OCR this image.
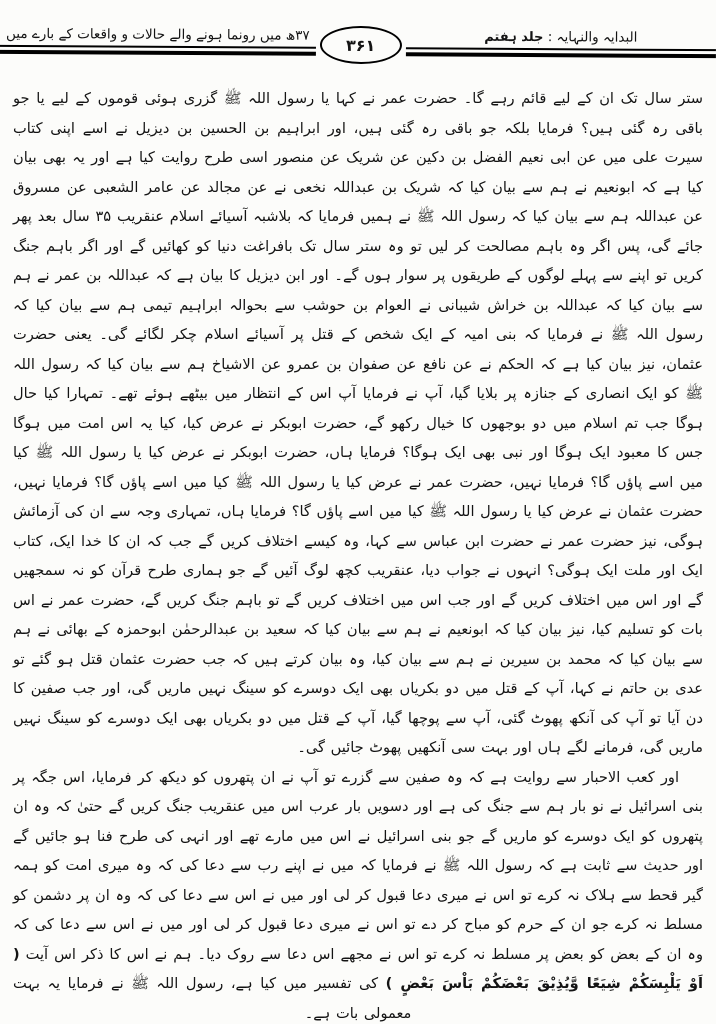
البدایہ والنہایہ : جلد ہفتم
۳۶۱
۳۷ھ میں رونما ہونے والے حالات و واقعات کے بارے میں

ستر سال تک ان کے لیے قائم رہے گا۔ حضرت عمر نے کہا یا رسول اللہ ﷺ گزری ہوئی قوموں کے لیے یا جو باقی رہ گئی ہیں؟ فرمایا بلکہ جو باقی رہ گئی ہیں، اور ابراہیم بن الحسین بن دیزیل نے اسے اپنی کتاب سیرت علی میں عن ابی نعیم الفضل بن دکین عن شریک عن منصور اسی طرح روایت کیا ہے اور یہ بھی بیان کیا ہے کہ ابونعیم نے ہم سے بیان کیا کہ شریک بن عبداللہ نخعی نے عن مجالد عن عامر الشعبی عن مسروق عن عبداللہ ہم سے بیان کیا کہ رسول اللہ ﷺ نے ہمیں فرمایا کہ بلاشبہ آسیائے اسلام عنقریب ۳۵ سال بعد پھر جائے گی، پس اگر وہ باہم مصالحت کر لیں تو وہ ستر سال تک بافراغت دنیا کو کھائیں گے اور اگر باہم جنگ کریں تو اپنے سے پہلے لوگوں کے طریقوں پر سوار ہوں گے۔ اور ابن دیزیل کا بیان ہے کہ عبداللہ بن عمر نے ہم سے بیان کیا کہ عبداللہ بن خراش شیبانی نے العوام بن حوشب سے بحوالہ ابراہیم تیمی ہم سے بیان کیا کہ رسول اللہ ﷺ نے فرمایا کہ بنی امیہ کے ایک شخص کے قتل پر آسیائے اسلام چکر لگائے گی۔ یعنی حضرت عثمان، نیز بیان کیا ہے کہ الحکم نے عن نافع عن صفوان بن عمرو عن الاشیاخ ہم سے بیان کیا کہ رسول اللہ ﷺ کو ایک انصاری کے جنازہ پر بلایا گیا، آپ نے فرمایا آپ اس کے انتظار میں بیٹھے ہوئے تھے۔ تمہارا کیا حال ہوگا جب تم اسلام میں دو بوجھوں کا خیال رکھو گے، حضرت ابوبکر نے عرض کیا، کیا یہ اس امت میں ہوگا جس کا معبود ایک ہوگا اور نبی بھی ایک ہوگا؟ فرمایا ہاں، حضرت ابوبکر نے عرض کیا یا رسول اللہ ﷺ کیا میں اسے پاؤں گا؟ فرمایا نہیں، حضرت عمر نے عرض کیا یا رسول اللہ ﷺ کیا میں اسے پاؤں گا؟ فرمایا نہیں، حضرت عثمان نے عرض کیا یا رسول اللہ ﷺ کیا میں اسے پاؤں گا؟ فرمایا ہاں، تمہاری وجہ سے ان کی آزمائش ہوگی، نیز حضرت عمر نے حضرت ابن عباس سے کہا، وہ کیسے اختلاف کریں گے جب کہ ان کا خدا ایک، کتاب ایک اور ملت ایک ہوگی؟ انہوں نے جواب دیا، عنقریب کچھ لوگ آئیں گے جو ہماری طرح قرآن کو نہ سمجھیں گے اور اس میں اختلاف کریں گے اور جب اس میں اختلاف کریں گے تو باہم جنگ کریں گے، حضرت عمر نے اس بات کو تسلیم کیا، نیز بیان کیا کہ ابونعیم نے ہم سے بیان کیا کہ سعید بن عبدالرحمٰن ابوحمزہ کے بھائی نے ہم سے بیان کیا کہ محمد بن سیرین نے ہم سے بیان کیا، وہ بیان کرتے ہیں کہ جب حضرت عثمان قتل ہو گئے تو عدی بن حاتم نے کہا، آپ کے قتل میں دو بکریاں بھی ایک دوسرے کو سینگ نہیں ماریں گی، اور جب صفین کا دن آیا تو آپ کی آنکھ پھوٹ گئی، آپ سے پوچھا گیا، آپ کے قتل میں دو بکریاں بھی ایک دوسرے کو سینگ نہیں ماریں گی، فرمانے لگے ہاں اور بہت سی آنکھیں پھوٹ جائیں گی۔

اور کعب الاحبار سے روایت ہے کہ وہ صفین سے گزرے تو آپ نے ان پتھروں کو دیکھ کر فرمایا، اس جگہ پر بنی اسرائیل نے نو بار ہم سے جنگ کی ہے اور دسویں بار عرب اس میں عنقریب جنگ کریں گے حتیٰ کہ وہ ان پتھروں کو ایک دوسرے کو ماریں گے جو بنی اسرائیل نے اس میں مارے تھے اور انہی کی طرح فنا ہو جائیں گے اور حدیث سے ثابت ہے کہ رسول اللہ ﷺ نے فرمایا کہ میں نے اپنے رب سے دعا کی کہ وہ میری امت کو ہمہ گیر قحط سے ہلاک نہ کرے تو اس نے میری دعا قبول کر لی اور میں نے اس سے دعا کی کہ وہ ان پر دشمن کو مسلط نہ کرے جو ان کے حرم کو مباح کر دے تو اس نے میری دعا قبول کر لی اور میں نے اس سے دعا کی کہ وہ ان کے بعض کو بعض پر مسلط نہ کرے تو اس نے مجھے اس دعا سے روک دیا۔ ہم نے اس کا ذکر اس آیت ( اَوْ يَلْبِسَكُمْ شِيَعًا وَّيُذِيْقَ بَعْضَكُمْ بَاْسَ بَعْضٍ ) کی تفسیر میں کیا ہے، رسول اللہ ﷺ نے فرمایا یہ بہت معمولی بات ہے۔
